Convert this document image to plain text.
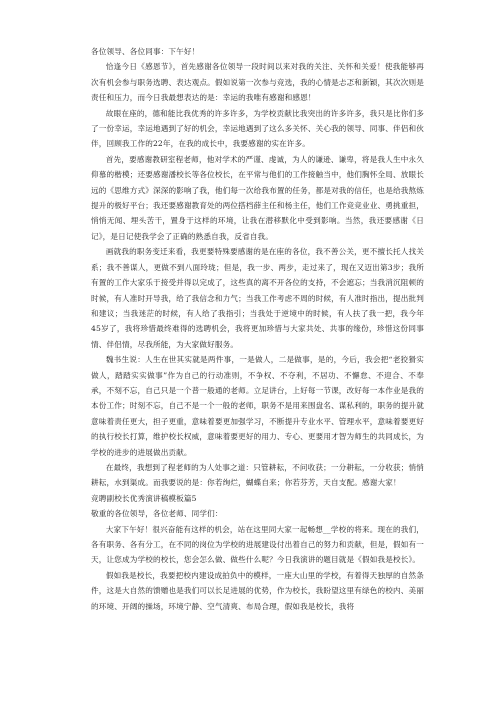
各位领导、各位同事：下午好！

恰逢今日《感恩节》，首先感谢各位领导一段时间以来对我的关注、关怀和关爱！使我能够再次有机会参与职务选聘、表达观点。假如说第一次参与竞选，我的心情是忐忑和新颖，其次次则是责任和压力，而今日我最想表达的是：幸运的我唯有感谢和感恩！

故眼在座的，德和能比我优秀的许多许多，为学校贡献比我突出的许多许多，我只是比你们多了一份幸运，幸运地遇到了好的机会，幸运地遇到了这么多关怀、关心我的领导、同事、伴侣和伙伴，回顾我工作的22年，在我的成长中，我要感谢的实在许多。

首先，要感谢教研室程老师，他对学术的严谨、虔诚，为人的谦逊、谦卑，将是我人生中永久仰慕的楷模；还要感谢潘校长等各位校长，在平常与他们的工作接触当中，他们胸怀全局、放眼长远的《思维方式》深深的影响了我，他们每一次给我布置的任务，都是对我的信任，也是给我熬炼提升的极好平台；我还要感谢教育处的两位搭档薛主任和杨主任，他们工作竞竞业业、勇挑重担，悄悄无闻、埋头苦干，置身于这样的环境，让我在潜移默化中受到影响。当然，我还要感谢《日记》，是日记使我学会了正确的熟悉自我，反省自我。

画就我的职务变迁来看，我更要特殊要感谢的是在座的各位，我不善公关，更不擅长托人找关系；我不善谋人，更做不到八面玲珑；但是，我一步、两步，走过来了，现在又迈出第3步；我所有置的工作大家乐于接受并得以完成了，这些真的离不开各位的支持，不会遮忘；当我消沉阻顿的时候，有人准时开导我，给了我信念和力气；当我工作考虑不周的时候，有人准时指出，提出批判和建议；当我迷茫的时候，有人给了我指引；当我处于逆境中的时候，有人扶了我一把，我今年45岁了，我将珍惜最终难得的选聘机会，我将更加珍惜与大家共处、共事的缘份，珍惜这份同事情、伴侣情，尽我所能，为大家做好服务。

魏书生说：人生在世其实就是两件事，一是做人，二是做事，是的，今后，我会把“老狡猾实做人，踏踏实实做事”作为自己的行动准则，不争权、不夺利，不居功、不懈怠、不迎合、不奉承，不刻不忘，自己只是一个普一般通的老师。立足讲台，上好每一节课，改好每一本作业是我的本份工作；时刻不忘，自己不是一个一般的老师，职务不是用来围盘名、谋私利的，职务的提升就意味着责任更大，担子更重，意味着要更加强学习，不断提升专业水平、管理水平，意味着要更好的执行校长打算，维护校长权威，意味着要更好的用力、专心、更要用才智为师生的共同成长，为学校的进步的进展做出贡献。

在最终，我想到了程老师的为人处事之道：只管耕耘，不问收获；一分耕耘，一分收获；悄悄耕耘，水到渠成。而我要说的是：你若绚烂，蝴蝶自来；你若芬芳，天自支配。感谢大家！

竞聘副校长优秀演讲稿模板篇5

敬重的各位领导，各位老师、同学们：

大家下午好！很兴奋能有这样的机会，站在这里同大家一起畅想__学校的将来。现在的我们，各有职务、各有分工，在不同的岗位为学校的进展建设付出着自己的努力和贡献，但是，假如有一天，让您成为学校的校长，您会怎么做、做些什么呢？今日我演讲的题目就是《假如我是校长》。

假如我是校长，我要把校内建设成拍负中的模样，一座大山里的学校，有着得天独厚的自然条件，这是大自然的馈赠也是我们可以长足进展的优势，作为校长，我盼望这里有绿色的校内、美丽的环境、开阔的操场，环境宁静、空气清爽、布局合理，假如我是校长，我将
